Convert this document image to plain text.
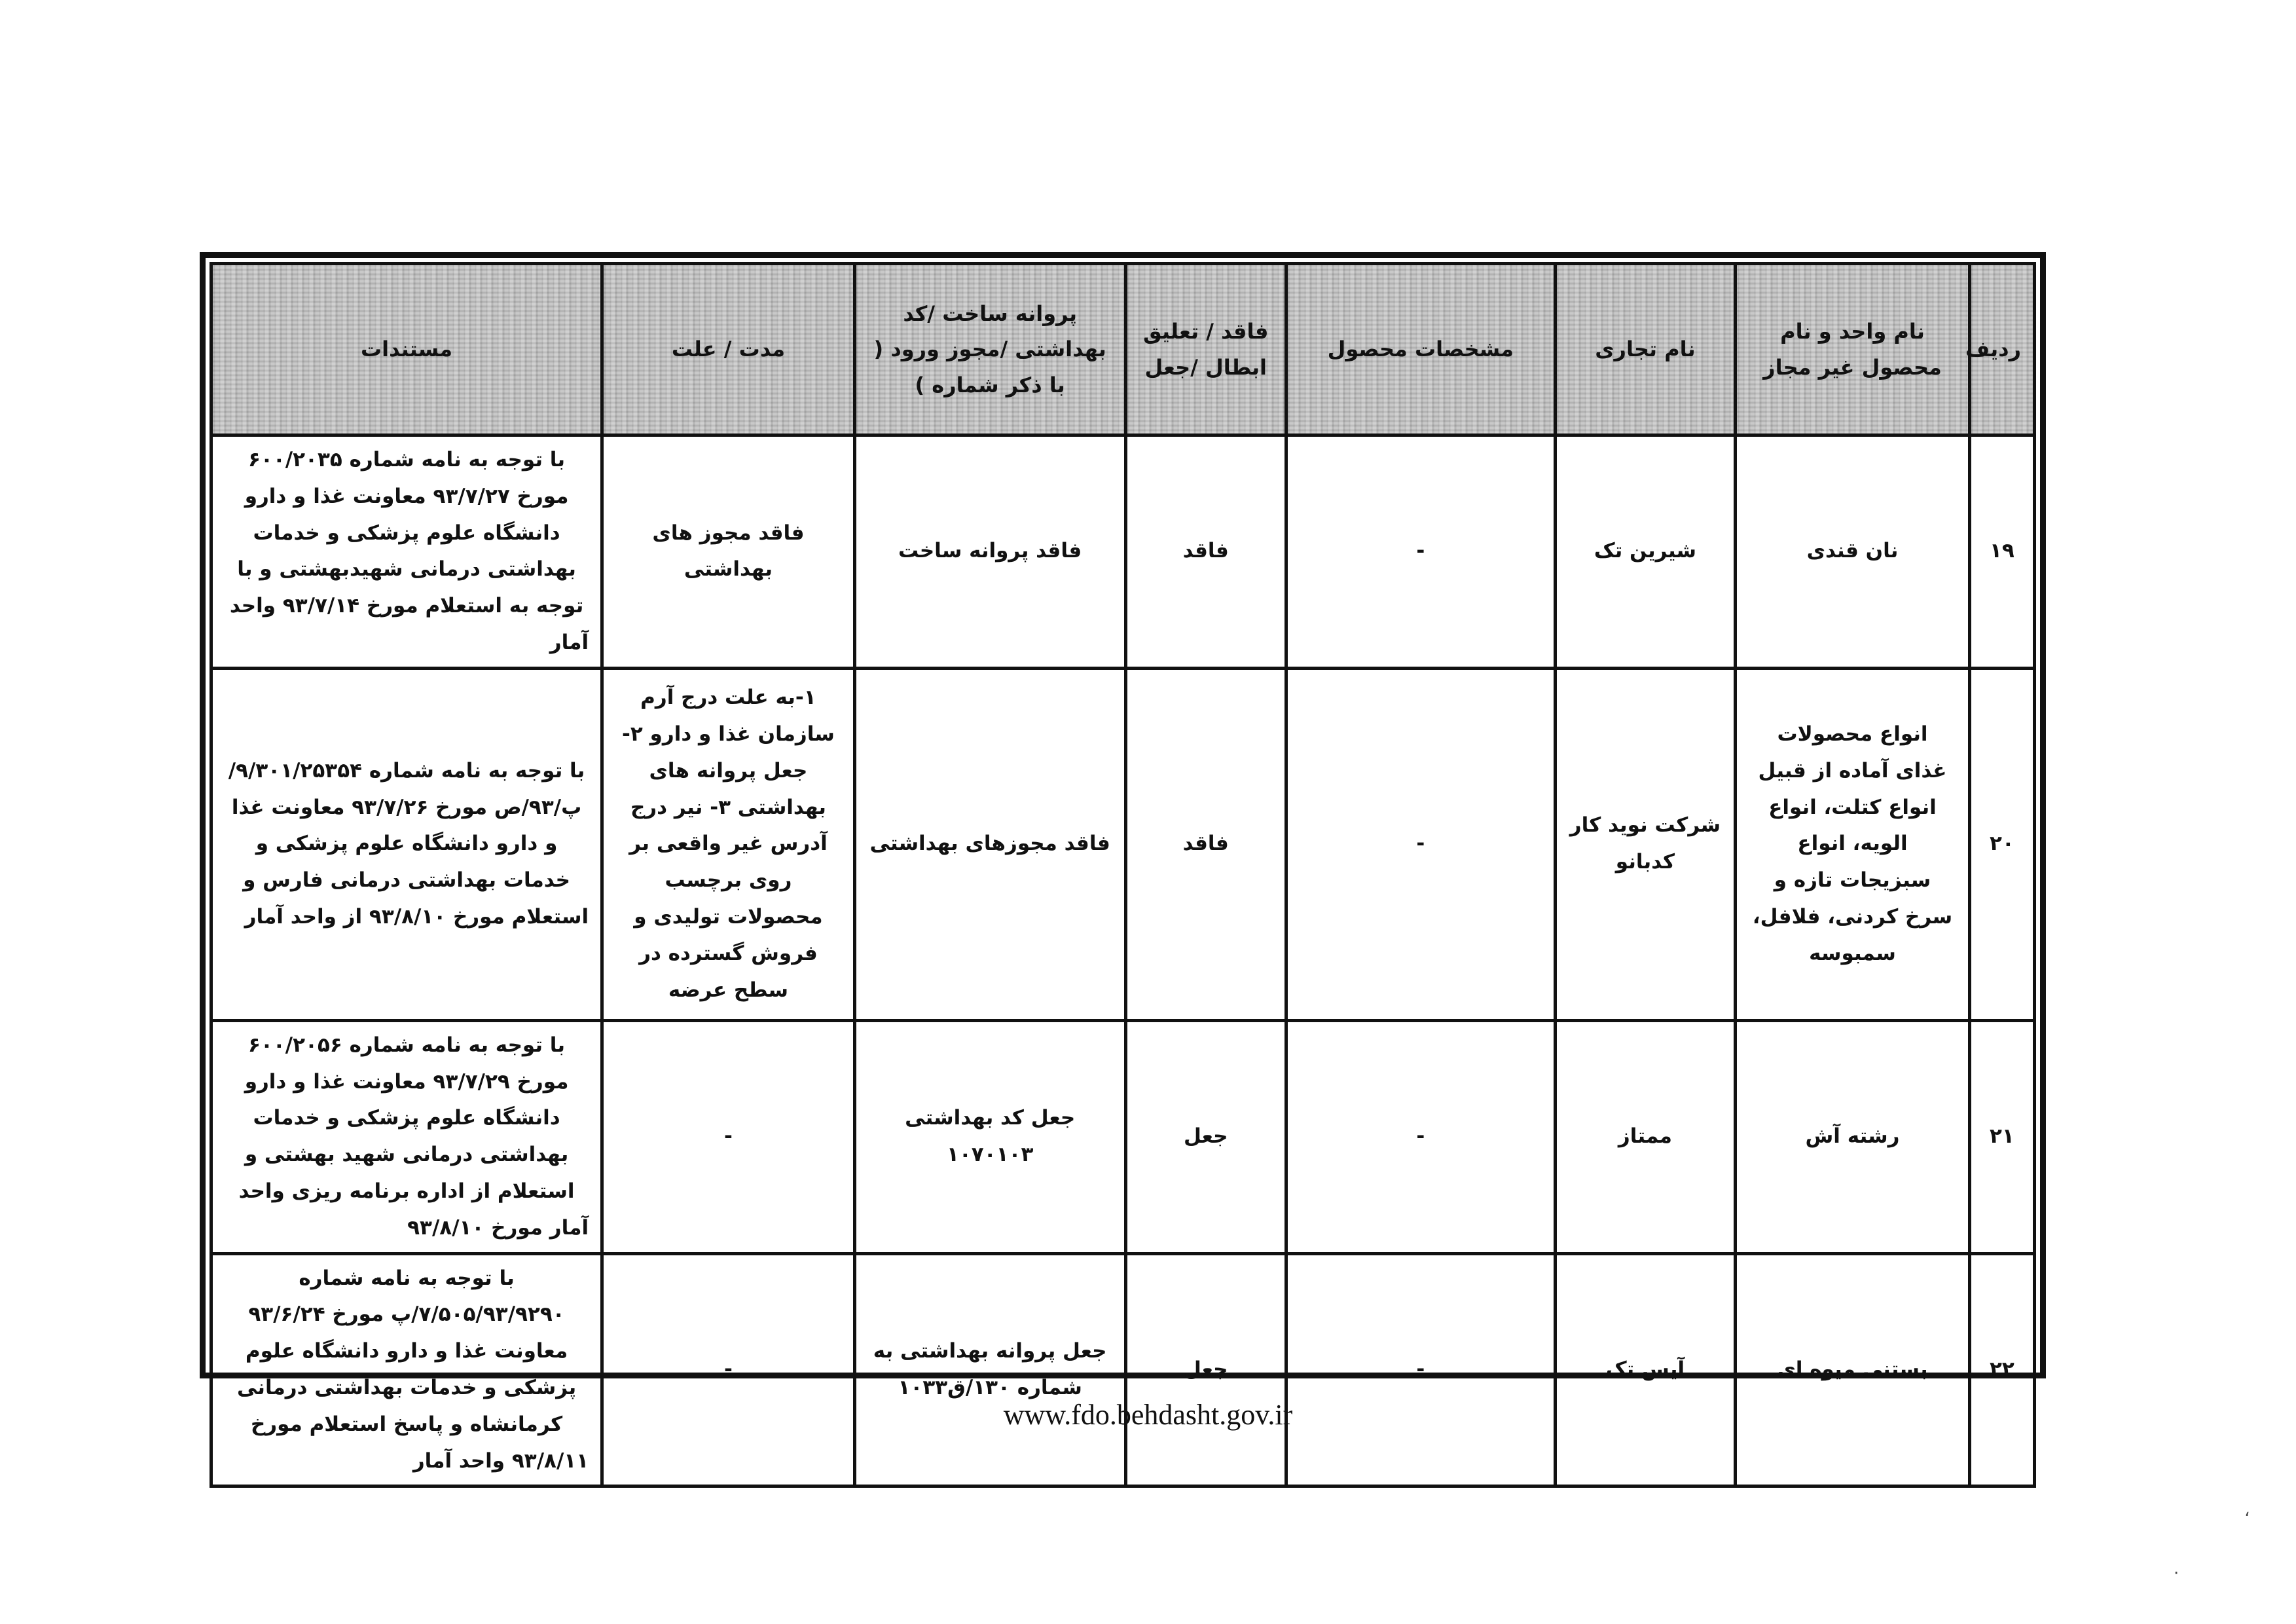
ردیف	نام واحد و نام محصول غیر مجاز	نام تجاری	مشخصات محصول	فاقد / تعلیق ابطال /جعل	پروانه ساخت /کد بهداشتی /مجوز ورود ( با ذکر شماره )	مدت / علت	مستندات
۱۹	نان قندی	شیرین تک	-	فاقد	فاقد پروانه ساخت	فاقد مجوز های بهداشتی	با توجه به نامه شماره ۶۰۰/۲۰۳۵ مورخ ۹۳/۷/۲۷ معاونت غذا و دارو دانشگاه علوم پزشکی و خدمات بهداشتی درمانی شهیدبهشتی و با توجه به استعلام مورخ ۹۳/۷/۱۴ واحد آمار
۲۰	انواع محصولات غذای آماده از قبیل انواع کتلت، انواع الویه، انواع سبزیجات تازه و سرخ کردنی، فلافل، سمبوسه	شرکت نوید کار کدبانو	-	فاقد	فاقد مجوزهای بهداشتی	۱-به علت درج آرم سازمان غذا و دارو ۲- جعل پروانه های بهداشتی ۳- نیر درج آدرس غیر واقعی بر روی برچسب محصولات تولیدی و فروش گسترده در سطح عرضه	با توجه به نامه شماره ۹/۳۰۱/۲۵۳۵۴/پ/۹۳/ص مورخ ۹۳/۷/۲۶ معاونت غذا و دارو دانشگاه علوم پزشکی و خدمات بهداشتی درمانی فارس و استعلام مورخ ۹۳/۸/۱۰ از واحد آمار
۲۱	رشته آش	ممتاز	-	جعل	جعل کد بهداشتی ۱۰۷۰۱۰۳	-	با توجه به نامه شماره ۶۰۰/۲۰۵۶ مورخ ۹۳/۷/۲۹ معاونت غذا و دارو دانشگاه علوم پزشکی و خدمات بهداشتی درمانی شهید بهشتی و استعلام از اداره برنامه ریزی واحد آمار مورخ ۹۳/۸/۱۰
۲۲	بستنی میوه ای	آیس تک	-	جعل	جعل پروانه بهداشتی به شماره ۱۳۰/ق۱۰۳۳	-	با توجه به نامه شماره ۷/۵۰۵/۹۳/۹۲۹۰/پ مورخ ۹۳/۶/۲۴ معاونت غذا و دارو دانشگاه علوم پزشکی و خدمات بهداشتی درمانی کرمانشاه و پاسخ استعلام مورخ ۹۳/۸/۱۱ واحد آمار
www.fdo.behdasht.gov.ir
،
·
